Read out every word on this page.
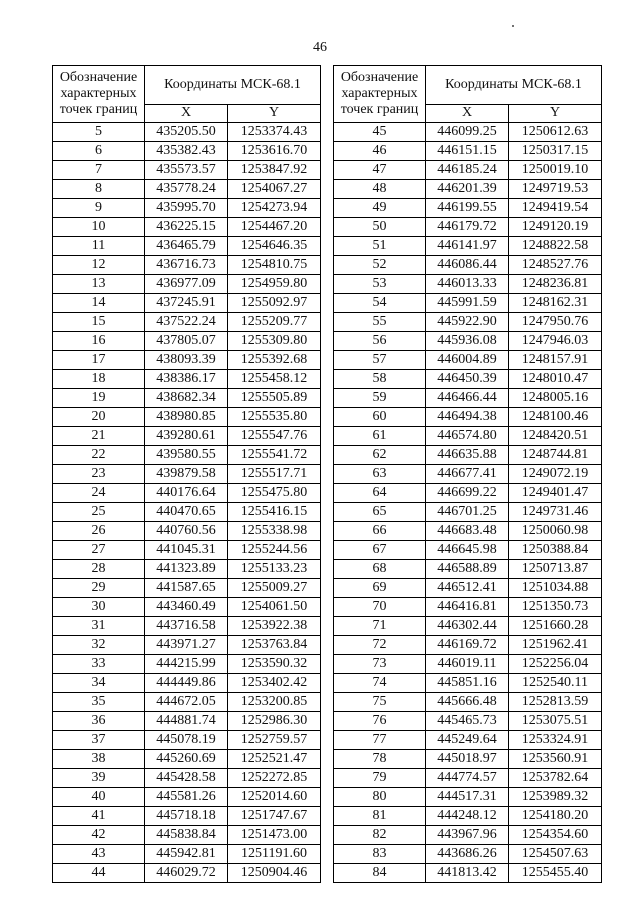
46
Обозначение характерных точек границ	Координаты МСК-68.1	
	X	Y
5	435205.50	1253374.43
6	435382.43	1253616.70
7	435573.57	1253847.92
8	435778.24	1254067.27
9	435995.70	1254273.94
10	436225.15	1254467.20
11	436465.79	1254646.35
12	436716.73	1254810.75
13	436977.09	1254959.80
14	437245.91	1255092.97
15	437522.24	1255209.77
16	437805.07	1255309.80
17	438093.39	1255392.68
18	438386.17	1255458.12
19	438682.34	1255505.89
20	438980.85	1255535.80
21	439280.61	1255547.76
22	439580.55	1255541.72
23	439879.58	1255517.71
24	440176.64	1255475.80
25	440470.65	1255416.15
26	440760.56	1255338.98
27	441045.31	1255244.56
28	441323.89	1255133.23
29	441587.65	1255009.27
30	443460.49	1254061.50
31	443716.58	1253922.38
32	443971.27	1253763.84
33	444215.99	1253590.32
34	444449.86	1253402.42
35	444672.05	1253200.85
36	444881.74	1252986.30
37	445078.19	1252759.57
38	445260.69	1252521.47
39	445428.58	1252272.85
40	445581.26	1252014.60
41	445718.18	1251747.67
42	445838.84	1251473.00
43	445942.81	1251191.60
44	446029.72	1250904.46
Обозначение характерных точек границ	Координаты МСК-68.1	
	X	Y
45	446099.25	1250612.63
46	446151.15	1250317.15
47	446185.24	1250019.10
48	446201.39	1249719.53
49	446199.55	1249419.54
50	446179.72	1249120.19
51	446141.97	1248822.58
52	446086.44	1248527.76
53	446013.33	1248236.81
54	445991.59	1248162.31
55	445922.90	1247950.76
56	445936.08	1247946.03
57	446004.89	1248157.91
58	446450.39	1248010.47
59	446466.44	1248005.16
60	446494.38	1248100.46
61	446574.80	1248420.51
62	446635.88	1248744.81
63	446677.41	1249072.19
64	446699.22	1249401.47
65	446701.25	1249731.46
66	446683.48	1250060.98
67	446645.98	1250388.84
68	446588.89	1250713.87
69	446512.41	1251034.88
70	446416.81	1251350.73
71	446302.44	1251660.28
72	446169.72	1251962.41
73	446019.11	1252256.04
74	445851.16	1252540.11
75	445666.48	1252813.59
76	445465.73	1253075.51
77	445249.64	1253324.91
78	445018.97	1253560.91
79	444774.57	1253782.64
80	444517.31	1253989.32
81	444248.12	1254180.20
82	443967.96	1254354.60
83	443686.26	1254507.63
84	441813.42	1255455.40
